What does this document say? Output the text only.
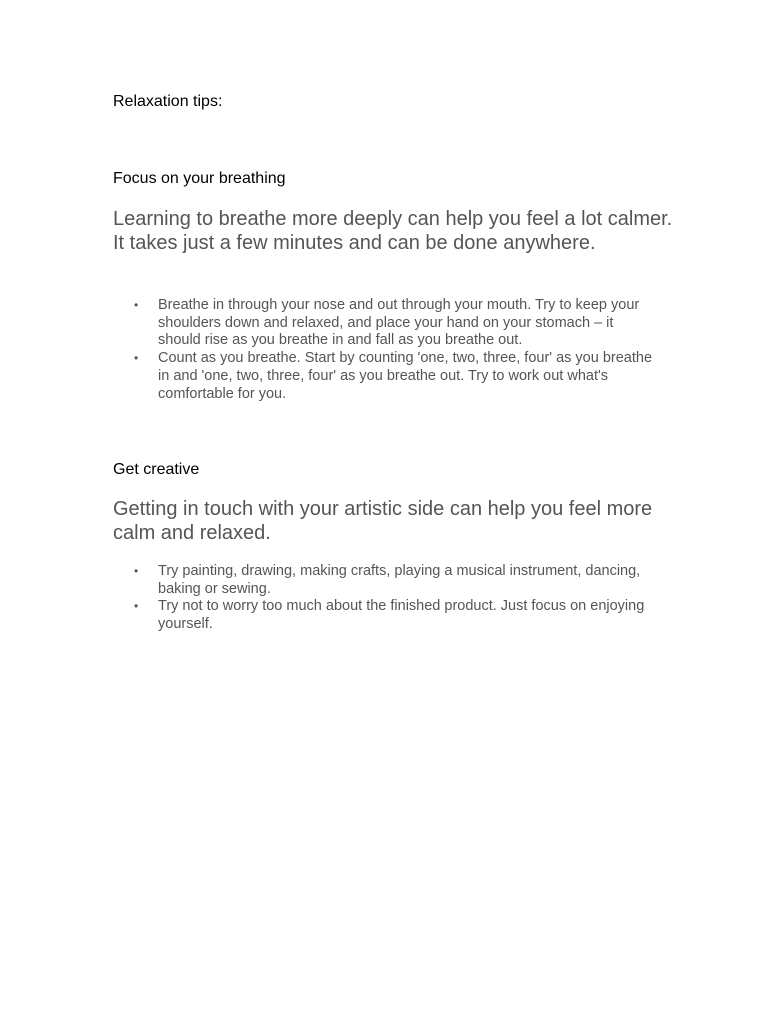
Relaxation tips:
Focus on your breathing

Learning to breathe more deeply can help you feel a lot calmer. It takes just a few minutes and can be done anywhere.

• Breathe in through your nose and out through your mouth. Try to keep your shoulders down and relaxed, and place your hand on your stomach – it should rise as you breathe in and fall as you breathe out.
• Count as you breathe. Start by counting 'one, two, three, four' as you breathe in and 'one, two, three, four' as you breathe out. Try to work out what's comfortable for you.
Get creative

Getting in touch with your artistic side can help you feel more calm and relaxed.

• Try painting, drawing, making crafts, playing a musical instrument, dancing, baking or sewing.
• Try not to worry too much about the finished product. Just focus on enjoying yourself.
